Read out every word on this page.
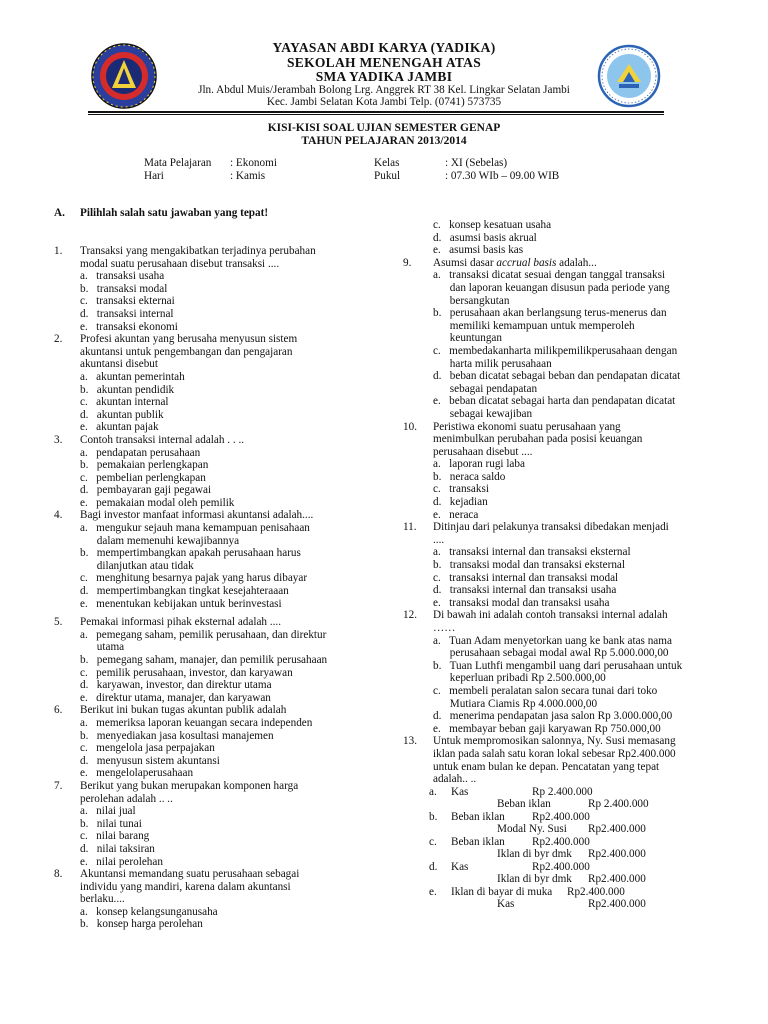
YAYASAN ABDI KARYA (YADIKA)
SEKOLAH MENENGAH ATAS
SMA YADIKA JAMBI
Jln. Abdul Muis/Jerambah Bolong Lrg. Anggrek RT 38 Kel. Lingkar Selatan Jambi
Kec. Jambi Selatan Kota Jambi Telp. (0741) 573735
KISI-KISI SOAL UJIAN SEMESTER GENAP
TAHUN PELAJARAN 2013/2014
Mata Pelajaran : Ekonomi
Hari	: Kamis
Kelas	: XI (Sebelas)
Pukul	: 07.30 WIb – 09.00 WIB
A. Pilihlah salah satu jawaban yang tepat!
1. Transaksi yang mengakibatkan terjadinya perubahan
modal suatu perusahaan disebut transaksi ....
a.   transaksi usaha
b.   transaksi modal
c.   transaksi ekternai
d.   transaksi internal
e.   transaksi ekonomi
2. Profesi akuntan yang berusaha menyusun sistem
akuntansi untuk pengembangan dan pengajaran
akuntansi disebut
a.   akuntan pemerintah
b.   akuntan pendidik
c.   akuntan internal
d.   akuntan publik
e.   akuntan pajak
3. Contoh transaksi internal adalah . . ..
a.   pendapatan perusahaan
b.   pemakaian perlengkapan
c.   pembelian perlengkapan
d.   pembayaran gaji pegawai
e.   pemakaian modal oleh pemilik
4. Bagi investor manfaat informasi akuntansi adalah....
a.   mengukur sejauh mana kemampuan penisahaan
dalam memenuhi kewajibannya
b.   mempertimbangkan apakah perusahaan harus
dilanjutkan atau tidak
c.   menghitung besarnya pajak yang harus dibayar
d.   mempertimbangkan tingkat kesejahteraaan
e.   menentukan kebijakan untuk berinvestasi
5. Pemakai informasi pihak eksternal adalah ....
a.   pemegang saham, pemilik perusahaan, dan direktur
utama
b.   pemegang saham, manajer, dan pemilik perusahaan
c.   pemilik perusahaan, investor, dan karyawan
d.   karyawan, investor, dan direktur utama
e.   direktur utama, manajer, dan karyawan
6. Berikut ini bukan tugas akuntan publik adalah
a.   memeriksa laporan keuangan secara independen
b.   menyediakan jasa kosultasi manajemen
c.   mengelola jasa perpajakan
d.   menyusun sistem akuntansi
e.   mengelolaperusahaan
7. Berikut yang bukan merupakan komponen harga
perolehan adalah .. ..
a.   nilai jual
b.   nilai tunai
c.   nilai barang
d.   nilai taksiran
e.   nilai perolehan
8. Akuntansi memandang suatu perusahaan sebagai
individu yang mandiri, karena dalam akuntansi
berlaku....
a.   konsep kelangsunganusaha
b.   konsep harga perolehan
c.   konsep kesatuan usaha
d.   asumsi basis akrual
e.   asumsi basis kas
9. Asumsi dasar accrual basis adalah...
a.   transaksi dicatat sesuai dengan tanggal transaksi
dan laporan keuangan disusun pada periode yang
bersangkutan
b.   perusahaan akan berlangsung terus-menerus dan
memiliki kemampuan untuk memperoleh
keuntungan
c.   membedakanharta milikpemilikperusahaan dengan
harta milik perusahaan
d.   beban dicatat sebagai beban dan pendapatan dicatat
sebagai pendapatan
e.   beban dicatat sebagai harta dan pendapatan dicatat
sebagai kewajiban
10. Peristiwa ekonomi suatu perusahaan yang
menimbulkan perubahan pada posisi keuangan
perusahaan disebut ....
a.   laporan rugi laba
b.   neraca saldo
c.   transaksi
d.   kejadian
e.   neraca
11. Ditinjau dari pelakunya transaksi dibedakan menjadi
....
a.   transaksi internal dan transaksi eksternal
b.   transaksi modal dan transaksi eksternal
c.   transaksi internal dan transaksi modal
d.   transaksi internal dan transaksi usaha
e.   transaksi modal dan transaksi usaha
12. Di bawah ini adalah contoh transaksi internal adalah
……
a.   Tuan Adam menyetorkan uang ke bank atas nama
perusahaan sebagai modal awal Rp 5.000.000,00
b.   Tuan Luthfi mengambil uang dari perusahaan untuk
keperluan pribadi Rp 2.500.000,00
c.   membeli peralatan salon secara tunai dari toko
Mutiara Ciamis Rp 4.000.000,00
d.   menerima pendapatan jasa salon Rp 3.000.000,00
e.   membayar beban gaji karyawan Rp 750.000,00
13. Untuk mempromosikan salonnya, Ny. Susi memasang
iklan pada salah satu koran lokal sebesar Rp2.400.000
untuk enam bulan ke depan. Pencatatan yang tepat
adalah.. ..
a. Kas	Rp 2.400.000
Beban iklan	Rp 2.400.000
b. Beban iklan Rp2.400.000
Modal Ny. Susi Rp2.400.000
c. Beban iklan Rp2.400.000
Iklan di byr dmk Rp2.400.000
d. Kas	Rp2.400.000
Iklan di byr dmk Rp2.400.000
e. Iklan di bayar di muka Rp2.400.000
Kas	Rp2.400.000
